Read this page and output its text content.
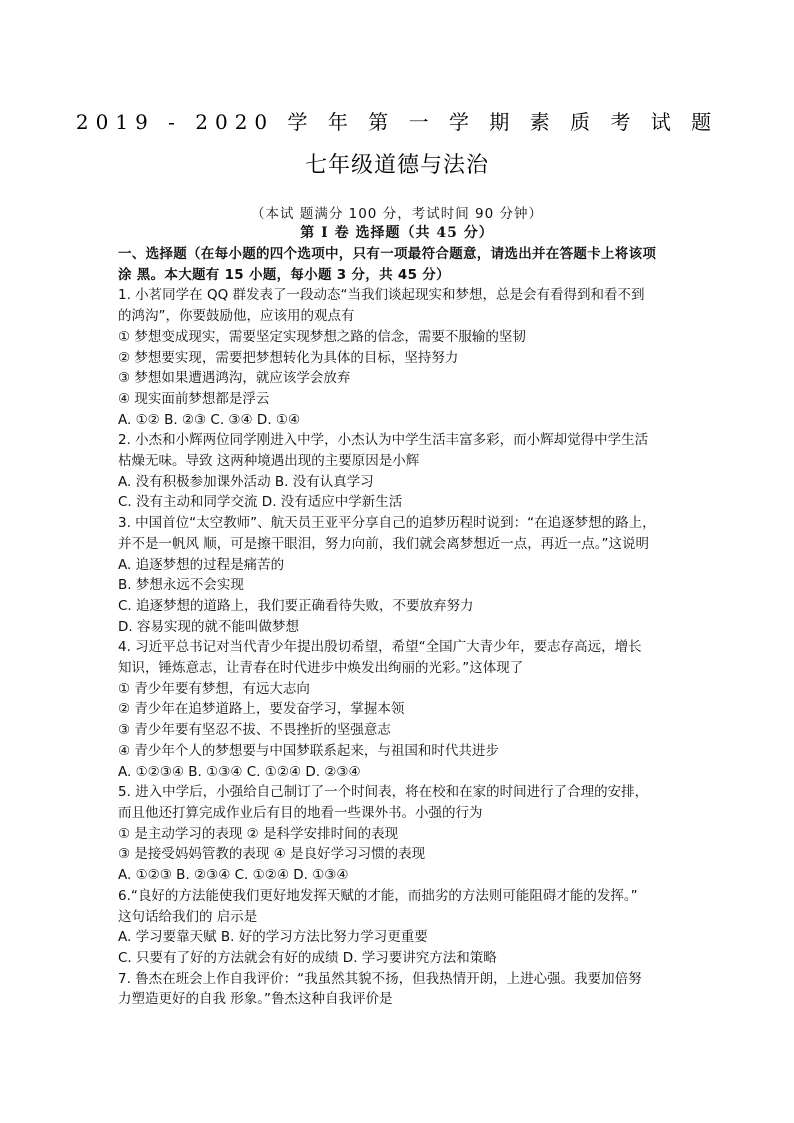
2019 - 2020 学 年 第 一 学 期 素 质 考 试 题
七年级道德与法治
（本试 题满分 100 分，考试时间 90 分钟）
第 I 卷 选择题（共 45 分）
一、选择题（在每小题的四个选项中，只有一项最符合题意，请选出并在答题卡上将该项
涂 黑。本大题有 15 小题，每小题 3 分，共 45 分）
1. 小茗同学在 QQ 群发表了一段动态“当我们谈起现实和梦想，总是会有看得到和看不到
的鸿沟”，你要鼓励他，应该用的观点有
① 梦想变成现实，需要坚定实现梦想之路的信念，需要不服输的坚韧
② 梦想要实现，需要把梦想转化为具体的目标，坚持努力
③ 梦想如果遭遇鸿沟，就应该学会放弃
④ 现实面前梦想都是浮云
A. ①② B. ②③ C. ③④ D. ①④
2. 小杰和小辉两位同学刚进入中学，小杰认为中学生活丰富多彩，而小辉却觉得中学生活
枯燥无味。导致 这两种境遇出现的主要原因是小辉
A. 没有积极参加课外活动 B. 没有认真学习
C. 没有主动和同学交流 D. 没有适应中学新生活
3. 中国首位“太空教师”、航天员王亚平分享自己的追梦历程时说到：“在追逐梦想的路上，
并不是一帆风 顺，可是擦干眼泪，努力向前，我们就会离梦想近一点，再近一点。”这说明
A. 追逐梦想的过程是痛苦的
B. 梦想永远不会实现
C. 追逐梦想的道路上，我们要正确看待失败，不要放弃努力
D. 容易实现的就不能叫做梦想
4. 习近平总书记对当代青少年提出殷切希望，希望“全国广大青少年，要志存高远，增长
知识，锤炼意志，让青春在时代进步中焕发出绚丽的光彩。”这体现了
① 青少年要有梦想，有远大志向
② 青少年在追梦道路上，要发奋学习，掌握本领
③ 青少年要有坚忍不拔、不畏挫折的坚强意志
④ 青少年个人的梦想要与中国梦联系起来，与祖国和时代共进步
A. ①②③④ B. ①③④ C. ①②④ D. ②③④
5. 进入中学后，小强给自己制订了一个时间表，将在校和在家的时间进行了合理的安排，
而且他还打算完成作业后有目的地看一些课外书。小强的行为
① 是主动学习的表现 ② 是科学安排时间的表现
③ 是接受妈妈管教的表现 ④ 是良好学习习惯的表现
A. ①②③ B. ②③④ C. ①②④ D. ①③④
6.“良好的方法能使我们更好地发挥天赋的才能，而拙劣的方法则可能阻碍才能的发挥。”
这句话给我们的 启示是
A. 学习要靠天赋 B. 好的学习方法比努力学习更重要
C. 只要有了好的方法就会有好的成绩 D. 学习要讲究方法和策略
7. 鲁杰在班会上作自我评价：“我虽然其貌不扬，但我热情开朗，上进心强。我要加倍努
力塑造更好的自我 形象。”鲁杰这种自我评价是
